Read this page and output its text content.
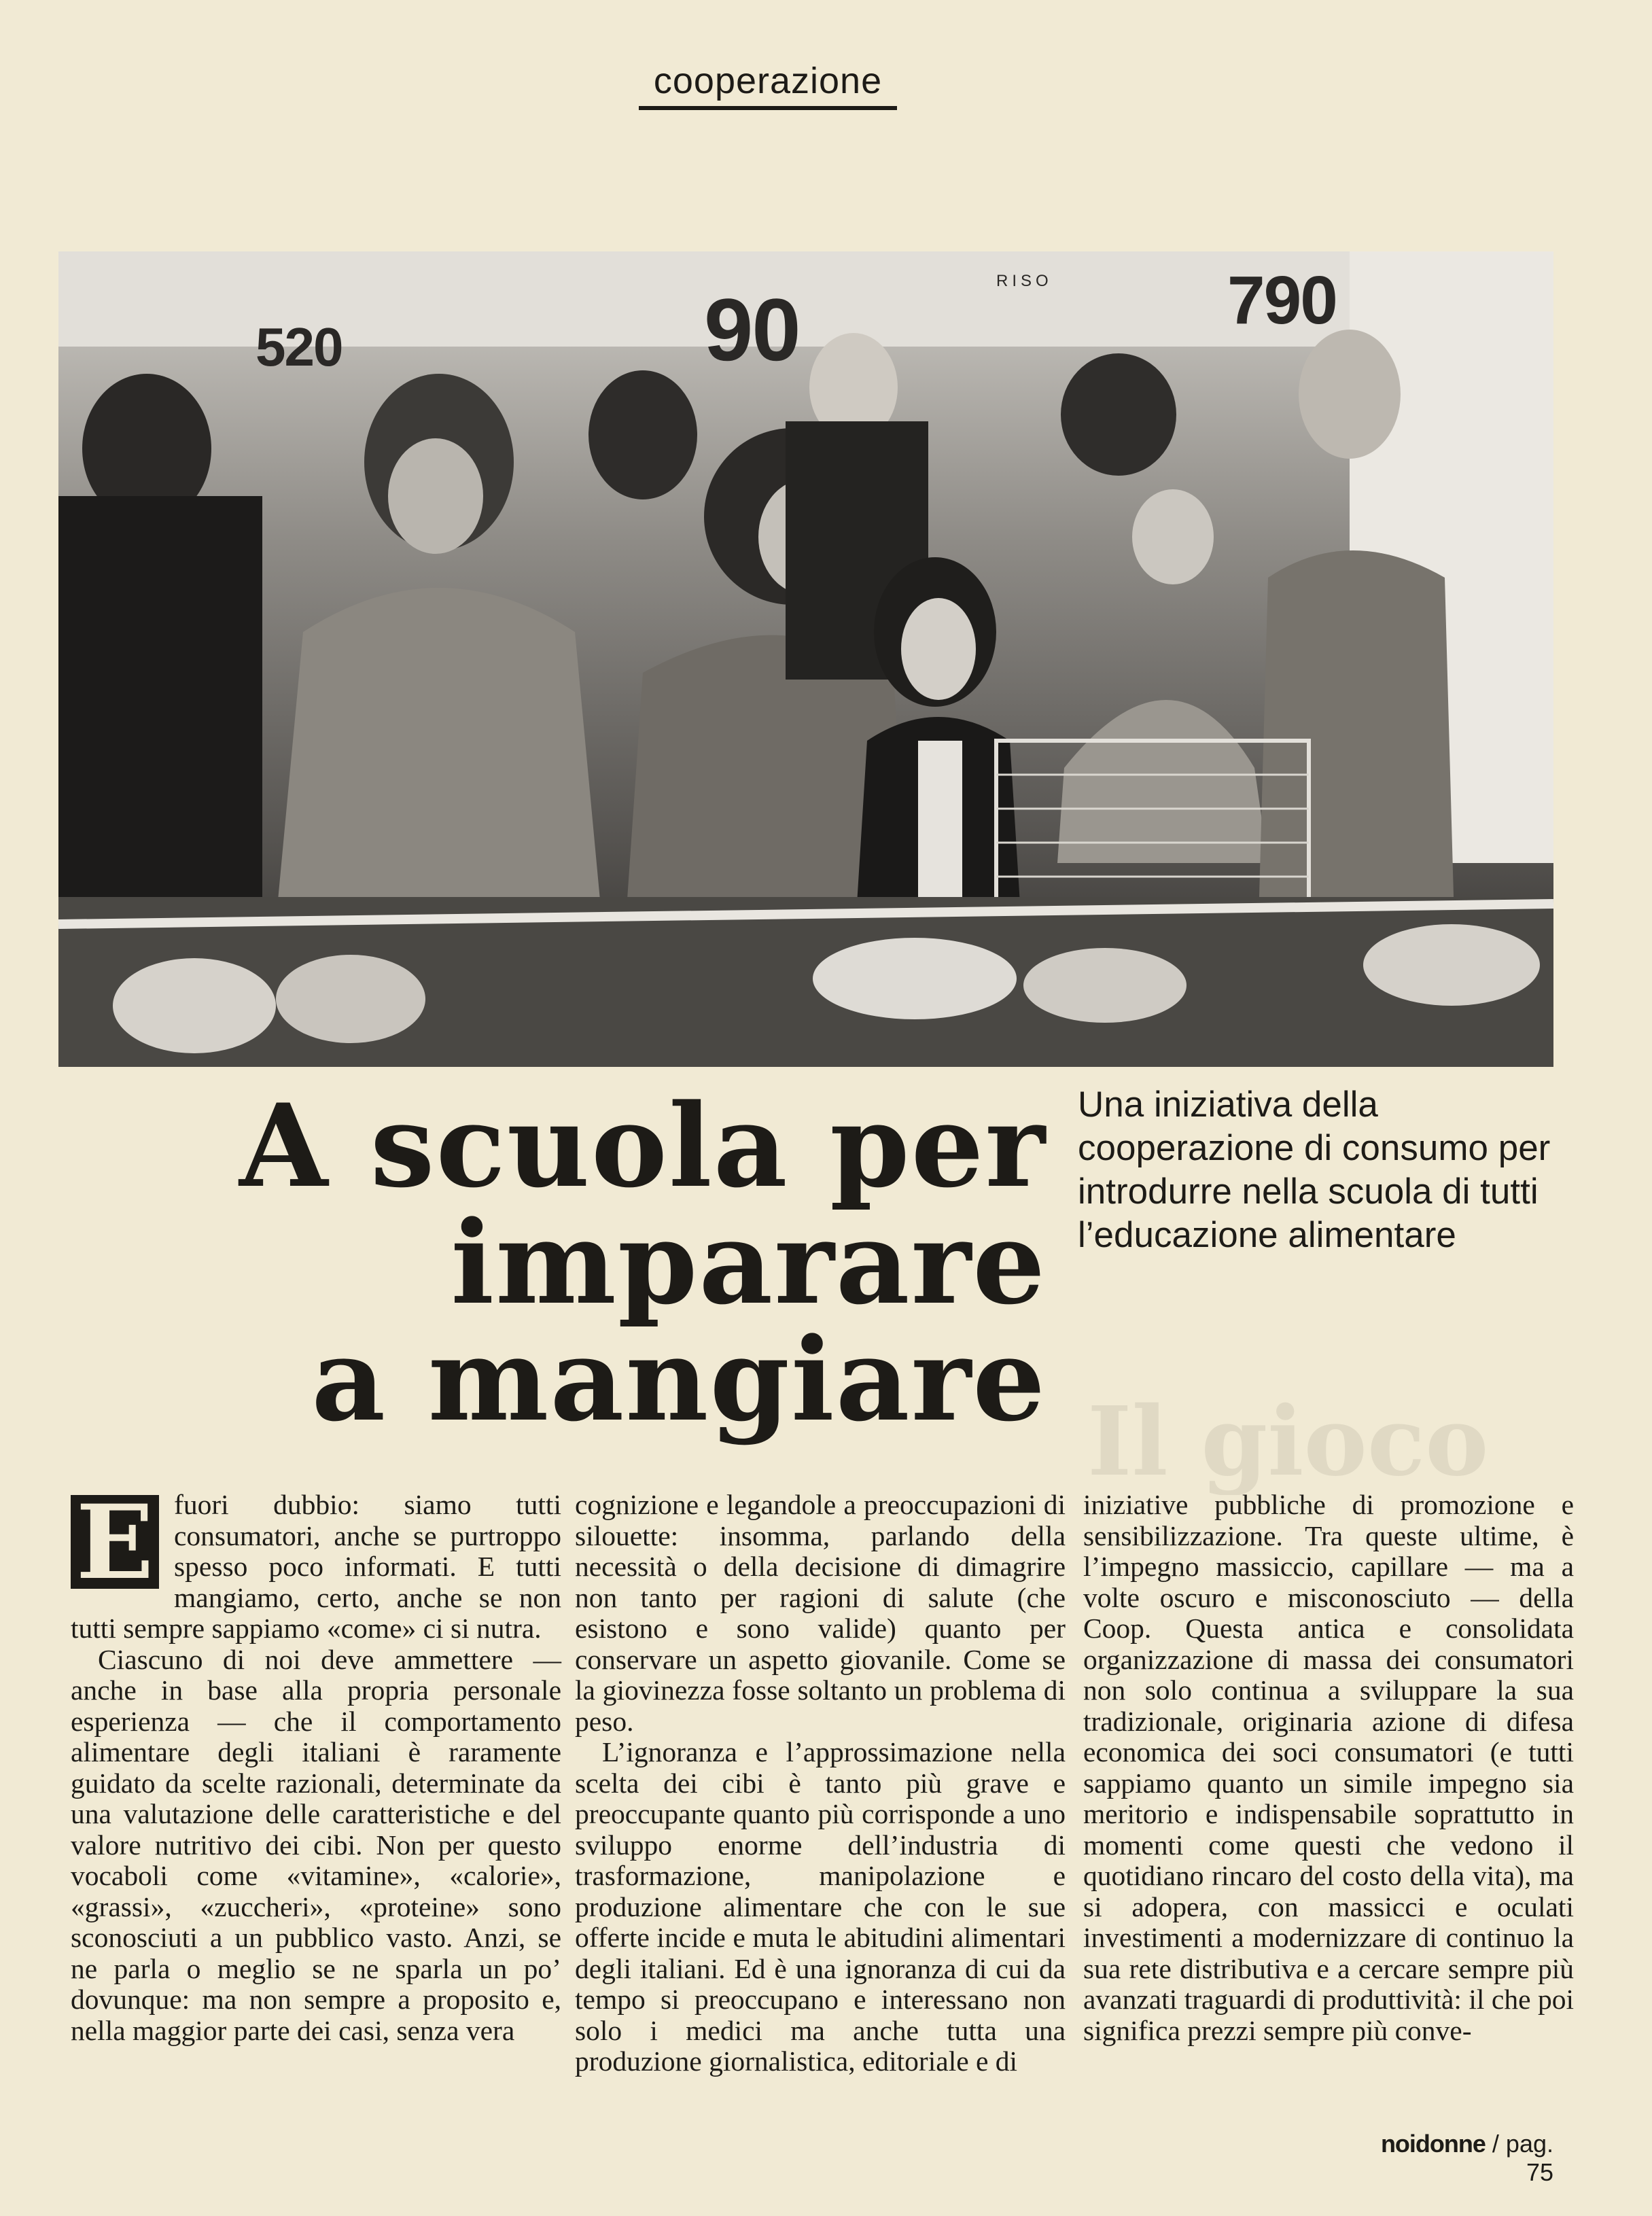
cooperazione
520	90	790
RISO
A scuola per
imparare
a mangiare

Una iniziativa della cooperazione di consumo per introdurre nella scuola di tutti l’educazione alimentare

Il gioco

E fuori dubbio: siamo tutti consumatori, anche se purtroppo spesso poco informati. E tutti mangiamo, certo, anche se non tutti sempre sappiamo «come» ci si nutra.

Ciascuno di noi deve ammettere — anche in base alla propria personale esperienza — che il comportamento alimentare degli italiani è raramente guidato da scelte razionali, determinate da una valutazione delle caratteristiche e del valore nutritivo dei cibi. Non per questo vocaboli come «vitamine», «calorie», «grassi», «zuccheri», «proteine» sono sconosciuti a un pubblico vasto. Anzi, se ne parla o meglio se ne sparla un po’ dovunque: ma non sempre a proposito e, nella maggior parte dei casi, senza vera

cognizione e legandole a preoccupazioni di silouette: insomma, parlando della necessità o della decisione di dimagrire non tanto per ragioni di salute (che esistono e sono valide) quanto per conservare un aspetto giovanile. Come se la giovinezza fosse soltanto un problema di peso.

L’ignoranza e l’approssimazione nella scelta dei cibi è tanto più grave e preoccupante quanto più corrisponde a uno sviluppo enorme dell’industria di trasformazione, manipolazione e produzione alimentare che con le sue offerte incide e muta le abitudini alimentari degli italiani. Ed è una ignoranza di cui da tempo si preoccupano e interessano non solo i medici ma anche tutta una produzione giornalistica, editoriale e di

iniziative pubbliche di promozione e sensibilizzazione. Tra queste ultime, è l’impegno massiccio, capillare — ma a volte oscuro e misconosciuto — della Coop. Questa antica e consolidata organizzazione di massa dei consumatori non solo continua a sviluppare la sua tradizionale, originaria azione di difesa economica dei soci consumatori (e tutti sappiamo quanto un simile impegno sia meritorio e indispensabile soprattutto in momenti come questi che vedono il quotidiano rincaro del costo della vita), ma si adopera, con massicci e oculati investimenti a modernizzare di continuo la sua rete distributiva e a cercare sempre più avanzati traguardi di produttività: il che poi significa prezzi sempre più conve-

noidonne / pag. 75
